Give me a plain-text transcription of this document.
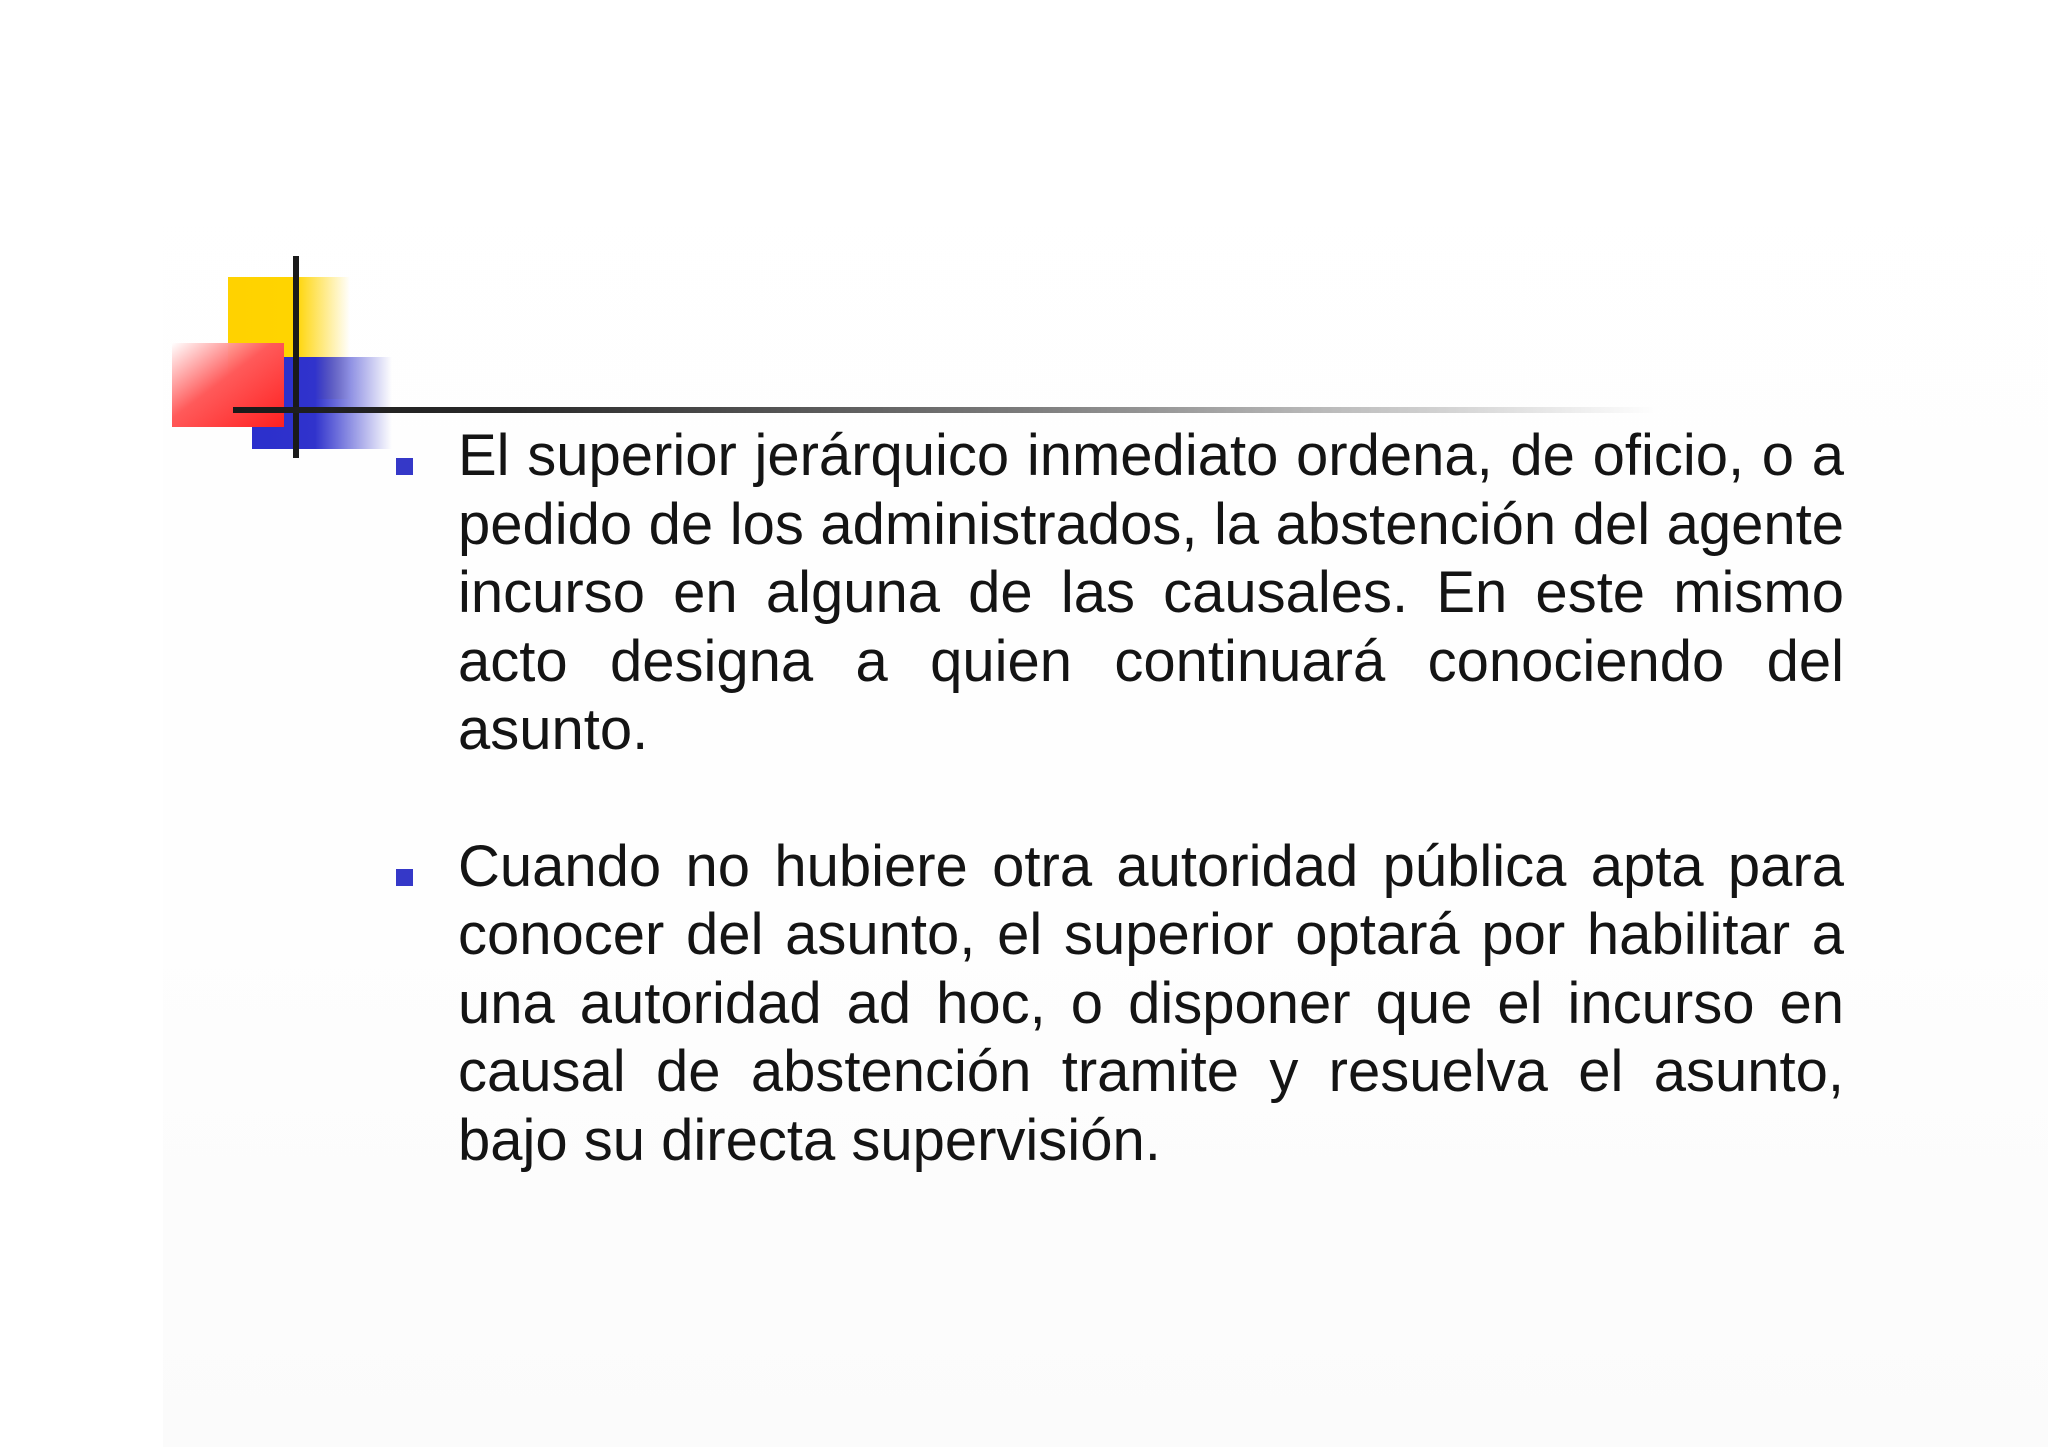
El superior jerárquico inmediato ordena, de oficio, o a pedido de los administrados, la abstención del agente incurso en alguna de las causales. En este mismo acto designa a quien continuará conociendo del asunto.

Cuando no hubiere otra autoridad pública apta para conocer del asunto, el superior optará por habilitar a una autoridad ad hoc, o disponer que el incurso en causal de abstención tramite y resuelva el asunto, bajo su directa supervisión.
